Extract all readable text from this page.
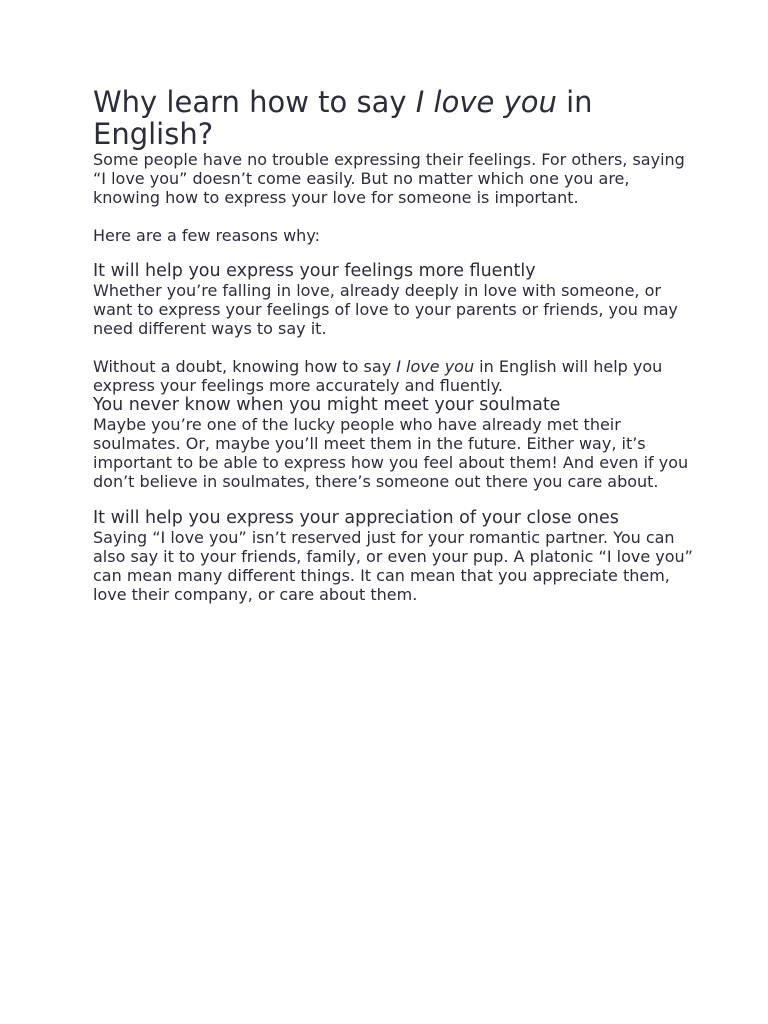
Why learn how to say I love you in English?

Some people have no trouble expressing their feelings. For others, saying “I love you” doesn’t come easily. But no matter which one you are, knowing how to express your love for someone is important.

Here are a few reasons why:

It will help you express your feelings more fluently

Whether you’re falling in love, already deeply in love with someone, or want to express your feelings of love to your parents or friends, you may need different ways to say it.

Without a doubt, knowing how to say I love you in English will help you express your feelings more accurately and fluently.

You never know when you might meet your soulmate

Maybe you’re one of the lucky people who have already met their soulmates. Or, maybe you’ll meet them in the future. Either way, it’s important to be able to express how you feel about them! And even if you don’t believe in soulmates, there’s someone out there you care about.

It will help you express your appreciation of your close ones

Saying “I love you” isn’t reserved just for your romantic partner. You can also say it to your friends, family, or even your pup. A platonic “I love you” can mean many different things. It can mean that you appreciate them, love their company, or care about them.
